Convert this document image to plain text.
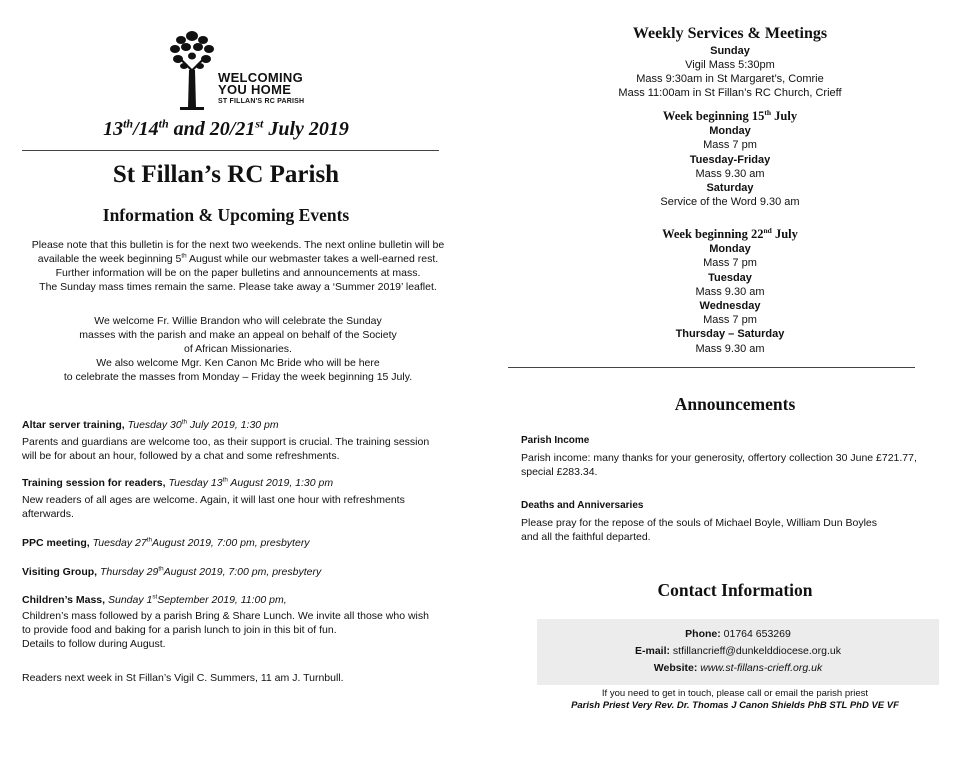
WELCOMING
YOU HOME
ST FILLAN'S RC PARISH
13th/14th and 20/21st July 2019
St Fillan’s RC Parish
Information & Upcoming Events
Please note that this bulletin is for the next two weekends. The next online bulletin will be
available the week beginning 5th August while our webmaster takes a well-earned rest.
Further information will be on the paper bulletins and announcements at mass.
The Sunday mass times remain the same. Please take away a ‘Summer 2019’ leaflet.
We welcome Fr. Willie Brandon who will celebrate the Sunday
masses with the parish and make an appeal on behalf of the Society
of African Missionaries.
We also welcome Mgr. Ken Canon Mc Bride who will be here
to celebrate the masses from Monday – Friday the week beginning 15 July.
Altar server training, Tuesday 30th July 2019, 1:30 pm
Parents and guardians are welcome too, as their support is crucial. The training session
will be for about an hour, followed by a chat and some refreshments.
Training session for readers, Tuesday 13th August 2019, 1:30 pm
New readers of all ages are welcome. Again, it will last one hour with refreshments
afterwards.
PPC meeting, Tuesday 27thAugust 2019, 7:00 pm, presbytery
Visiting Group, Thursday 29thAugust 2019, 7:00 pm, presbytery
Children’s Mass, Sunday 1stSeptember 2019, 11:00 pm,
Children’s mass followed by a parish Bring & Share Lunch. We invite all those who wish
to provide food and baking for a parish lunch to join in this bit of fun.
Details to follow during August.
Readers next week in St Fillan’s Vigil C. Summers, 11 am J. Turnbull.
Weekly Services & Meetings
Sunday
Vigil Mass 5:30pm
Mass 9:30am in St Margaret’s, Comrie
Mass 11:00am in St Fillan’s RC Church, Crieff
Week beginning 15th July
Monday
Mass 7 pm
Tuesday-Friday
Mass 9.30 am
Saturday
Service of the Word 9.30 am
Week beginning 22nd July
Monday
Mass 7 pm
Tuesday
Mass 9.30 am
Wednesday
Mass 7 pm
Thursday – Saturday
Mass 9.30 am
Announcements
Parish Income
Parish income: many thanks for your generosity, offertory collection 30 June £721.77,
special £283.34.
Deaths and Anniversaries
Please pray for the repose of the souls of Michael Boyle, William Dun Boyles
and all the faithful departed.
Contact Information
Phone: 01764 653269
E-mail: stfillancrieff@dunkelddiocese.org.uk
Website: www.st-fillans-crieff.org.uk
If you need to get in touch, please call or email the parish priest
Parish Priest Very Rev. Dr. Thomas J Canon Shields PhB STL PhD VE VF
